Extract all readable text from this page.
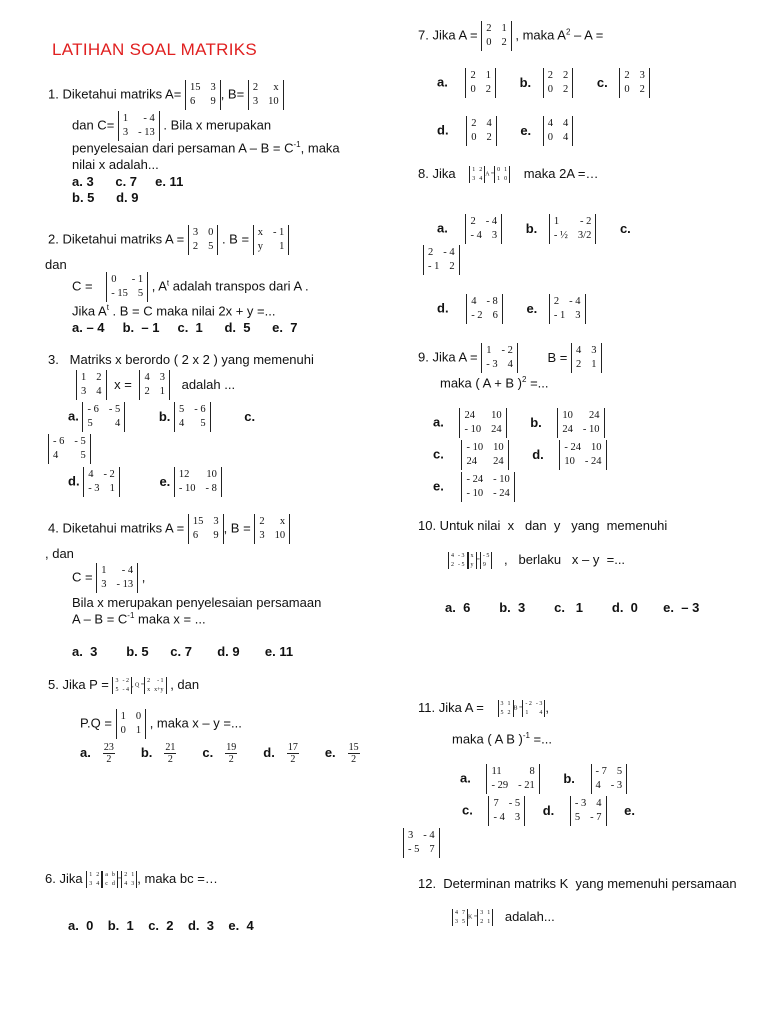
LATIHAN SOAL MATRIKS
1. Diketahui matriks A= 15 3
6 9
, B= 2 x
3 10
dan C= 1 - 4
3 - 13
. Bila x merupakan
penyelesaian dari persaman $A - B = C^{-1}$, maka
nilai x adalah...
a. 3      c. 7     e. 11
b. 5      d. 9
2. Diketahui matriks A = 3 0
2 5
. B = x - 1
y 1
dan
C = 0 - 1
- 15 5
, $A^t$ adalah transpos dari A .
Jika $A^t$ . B = C maka nilai 2x + y =...
a. – 4     b.  – 1     c.  1      d.  5      e.  7
3.   Matriks x berordo ( 2 x 2 ) yang memenuhi
1 2
3 4
x = 4 3
2 1
adalah ...
a. - 6 - 5
5 4
b. 5 - 6
4 5
c.
- 6 - 5
4 5
d. 4 - 2
- 3 1
e. 12 10
- 10 - 8
4. Diketahui matriks A = 15 3
6 9
, B = 2 x
3 10
, dan
C = 1 - 4
3 - 13
,
Bila x merupakan penyelesaian persamaan
$A - B = C^{-1}$ maka x = ...
a.  3        b. 5      c. 7       d. 9       e. 11
5. Jika P = 3 - 2
5 - 4
, Q =
2 - 1
x x+y , dan
P.Q = 1 0
0 1
, maka x – y =...
a. $\frac{23}{2} b$. $\frac{21}{2} c$. $\frac{19}{2} d$. $\frac{17}{2} e$. $\frac{15}{2}$
6. Jika 1 2
3 4
a b
c d
=
2 1
4 3 , maka bc =…
a.  0    b.  1    c.  2    d.  3    e.  4
7. Jika A = 2 1
0 2
, maka $A^2$ – A =
a. 2 1
0 2
b. 2 2
0 2
c. 2 3
0 2
d. 2 4
0 2
e. 4 4
0 4
8. Jika	1 2
3 4
A =
0 1
1 0 maka 2A =…
a. 2 - 4
- 4 3
b. 1 - 2
- ½ 3/2
c.
2 - 4
- 1 2
d. 4 - 8
- 2 6
e. 2 - 4
- 1 3
9. Jika A = 1 - 2
- 3 4
B = 4 3
2 1
maka ( A + B )$^2$ =...
a. 24 10
- 10 24
b. 10 24
24 - 10
c. - 10 10
24 24
d. - 24 10
10 - 24
e. - 24 - 10
- 10 - 24
10. Untuk nilai  x   dan  y   yang  memenuhi
4 - 3
2 - 5
x
y
=
- 5
9 ,   berlaku   x – y  =...
a.  6        b.  3        c.   1        d.  0       e.  – 3
11. Jika A =	3 1
5 2
B =
- 2 - 3
1 4 ,
maka ( A B )$^{-1}$ =...
a. 11	8
- 29 - 21
b. - 7 5
4 - 3
c. 7 - 5
- 4 3
d. - 3 4
5 - 7
e.
3 - 4
- 5 7
12.  Determinan matriks K  yang memenuhi persamaan
4 7
3 5
K =
3 1
2 1 adalah...
